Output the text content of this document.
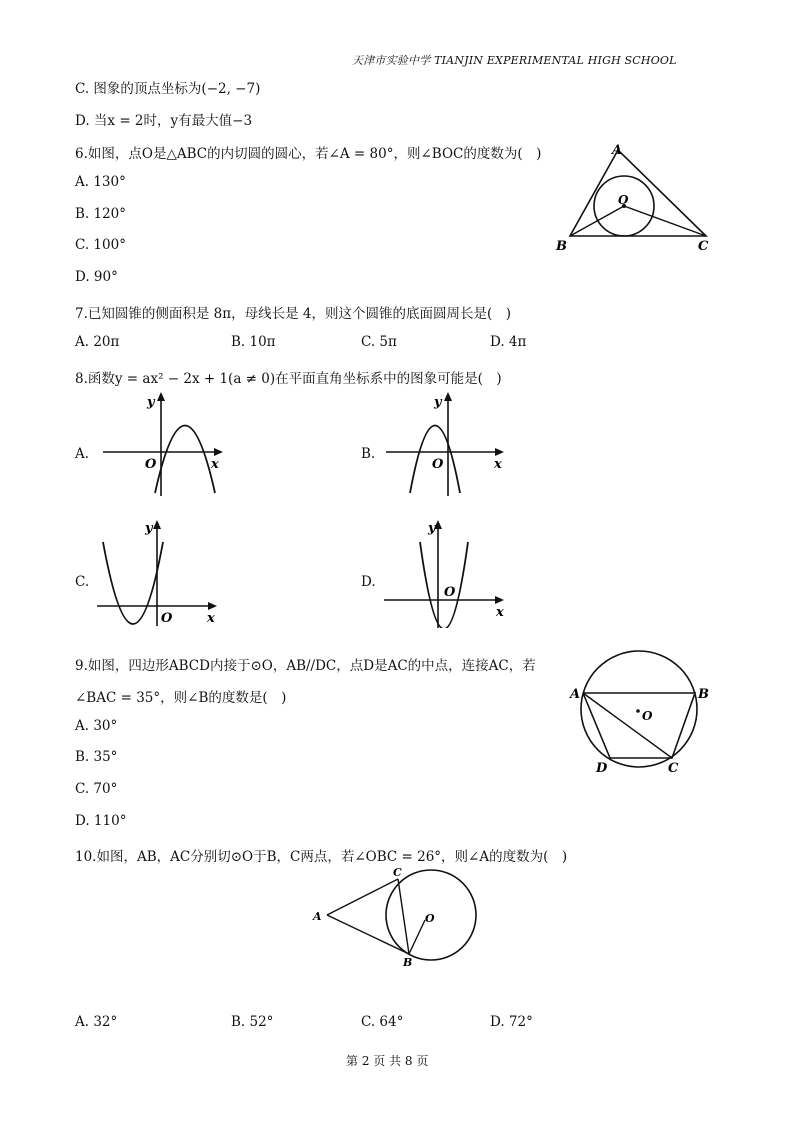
天津市实验中学 TIANJIN EXPERIMENTAL HIGH SCHOOL
C. 图象的顶点坐标为(−2, −7)
D. 当x = 2时，y有最大值−3
6.如图，点O是△ABC的内切圆的圆心，若∠A = 80°，则∠BOC的度数为(　)
A. 130°
B. 120°
C. 100°
D. 90°
A
O
B	C
7.已知圆锥的侧面积是 8π，母线长是 4，则这个圆锥的底面圆周长是(　)
A. 20π	B. 10π	C. 5π	D. 4π
8.函数y = ax² − 2x + 1(a ≠ 0)在平面直角坐标系中的图象可能是(　)
A.
y
O	x
B.
y
O	x
C.
y
O	x
D.
y
O
x
9.如图，四边形ABCD内接于⊙O，AB//DC，点D是AC的中点，连接AC，若
∠BAC = 35°，则∠B的度数是(　)
A. 30°
B. 35°
C. 70°
D. 110°
A	B
C
D
O
10.如图，AB，AC分别切⊙O于B，C两点，若∠OBC = 26°，则∠A的度数为(　)
A
C
B
O
A. 32°	B. 52°	C. 64°	D. 72°
第 2 页 共 8 页
